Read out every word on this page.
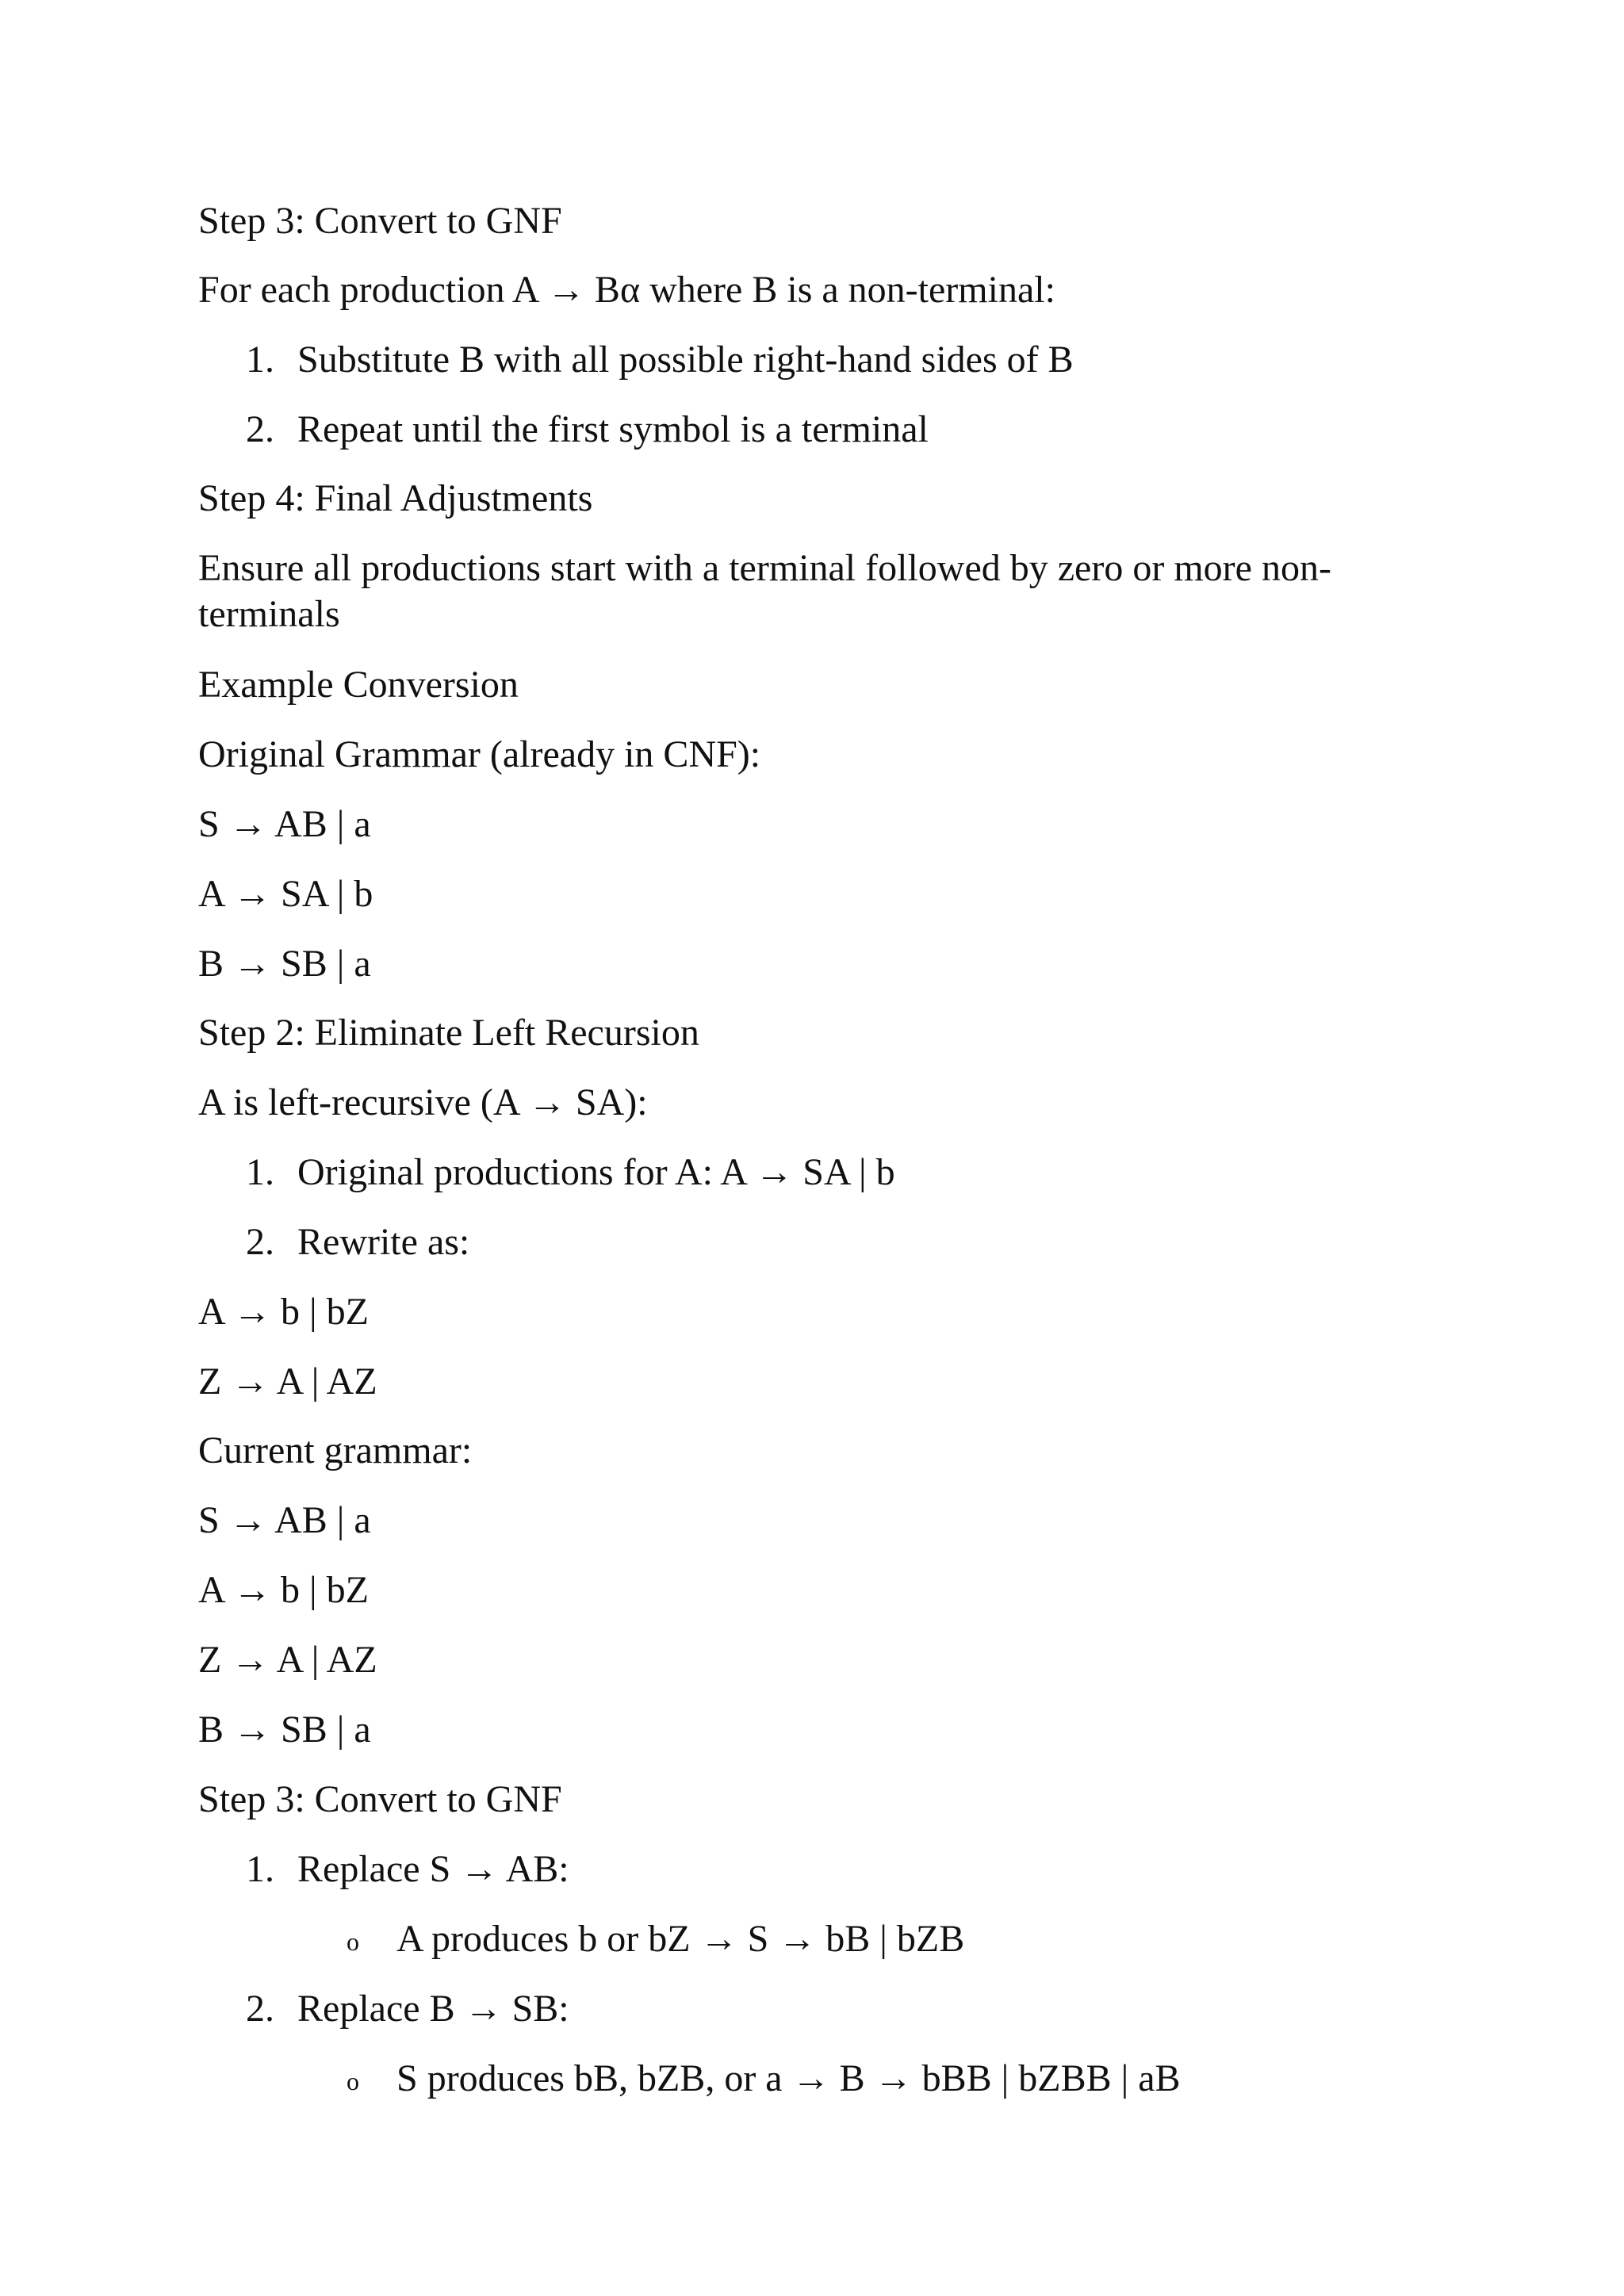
Step 3: Convert to GNF
For each production A → Bα where B is a non-terminal:
1. Substitute B with all possible right-hand sides of B
2. Repeat until the first symbol is a terminal
Step 4: Final Adjustments
Ensure all productions start with a terminal followed by zero or more non-terminals
Example Conversion
Original Grammar (already in CNF):
S → AB | a
A → SA | b
B → SB | a
Step 2: Eliminate Left Recursion
A is left-recursive (A → SA):
1. Original productions for A: A → SA | b
2. Rewrite as:
A → b | bZ
Z → A | AZ
Current grammar:
S → AB | a
A → b | bZ
Z → A | AZ
B → SB | a
Step 3: Convert to GNF
1. Replace S → AB:
o A produces b or bZ → S → bB | bZB
2. Replace B → SB:
o S produces bB, bZB, or a → B → bBB | bZBB | aB
